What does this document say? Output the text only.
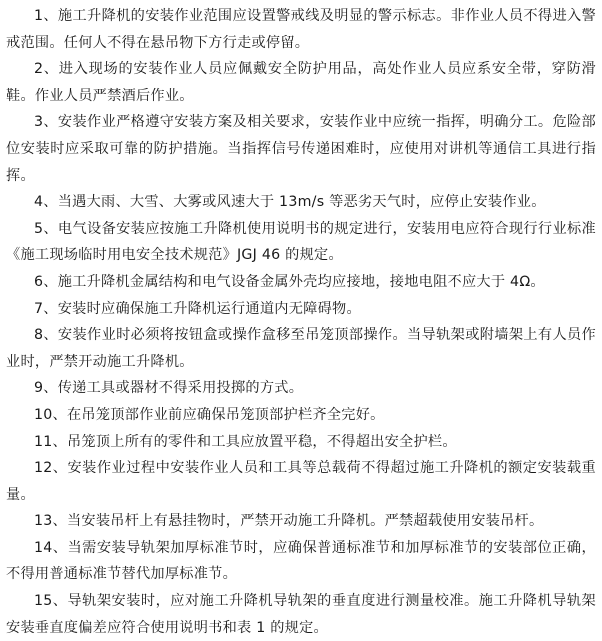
1、施工升降机的安装作业范围应设置警戒线及明显的警示标志。非作业人员不得进入警戒范围。任何人不得在悬吊物下方行走或停留。

2、进入现场的安装作业人员应佩戴安全防护用品，高处作业人员应系安全带，穿防滑鞋。作业人员严禁酒后作业。

3、安装作业严格遵守安装方案及相关要求，安装作业中应统一指挥，明确分工。危险部位安装时应采取可靠的防护措施。当指挥信号传递困难时，应使用对讲机等通信工具进行指挥。

4、当遇大雨、大雪、大雾或风速大于 13m/s 等恶劣天气时，应停止安装作业。

5、电气设备安装应按施工升降机使用说明书的规定进行，安装用电应符合现行行业标准《施工现场临时用电安全技术规范》JGJ 46 的规定。

6、施工升降机金属结构和电气设备金属外壳均应接地，接地电阻不应大于 4Ω。

7、安装时应确保施工升降机运行通道内无障碍物。

8、安装作业时必须将按钮盒或操作盒移至吊笼顶部操作。当导轨架或附墙架上有人员作业时，严禁开动施工升降机。

9、传递工具或器材不得采用投掷的方式。

10、在吊笼顶部作业前应确保吊笼顶部护栏齐全完好。

11、吊笼顶上所有的零件和工具应放置平稳，不得超出安全护栏。

12、安装作业过程中安装作业人员和工具等总载荷不得超过施工升降机的额定安装载重量。

13、当安装吊杆上有悬挂物时，严禁开动施工升降机。严禁超载使用安装吊杆。

14、当需安装导轨架加厚标准节时，应确保普通标准节和加厚标准节的安装部位正确，不得用普通标准节替代加厚标准节。

15、导轨架安装时，应对施工升降机导轨架的垂直度进行测量校准。施工升降机导轨架安装垂直度偏差应符合使用说明书和表 1 的规定。
